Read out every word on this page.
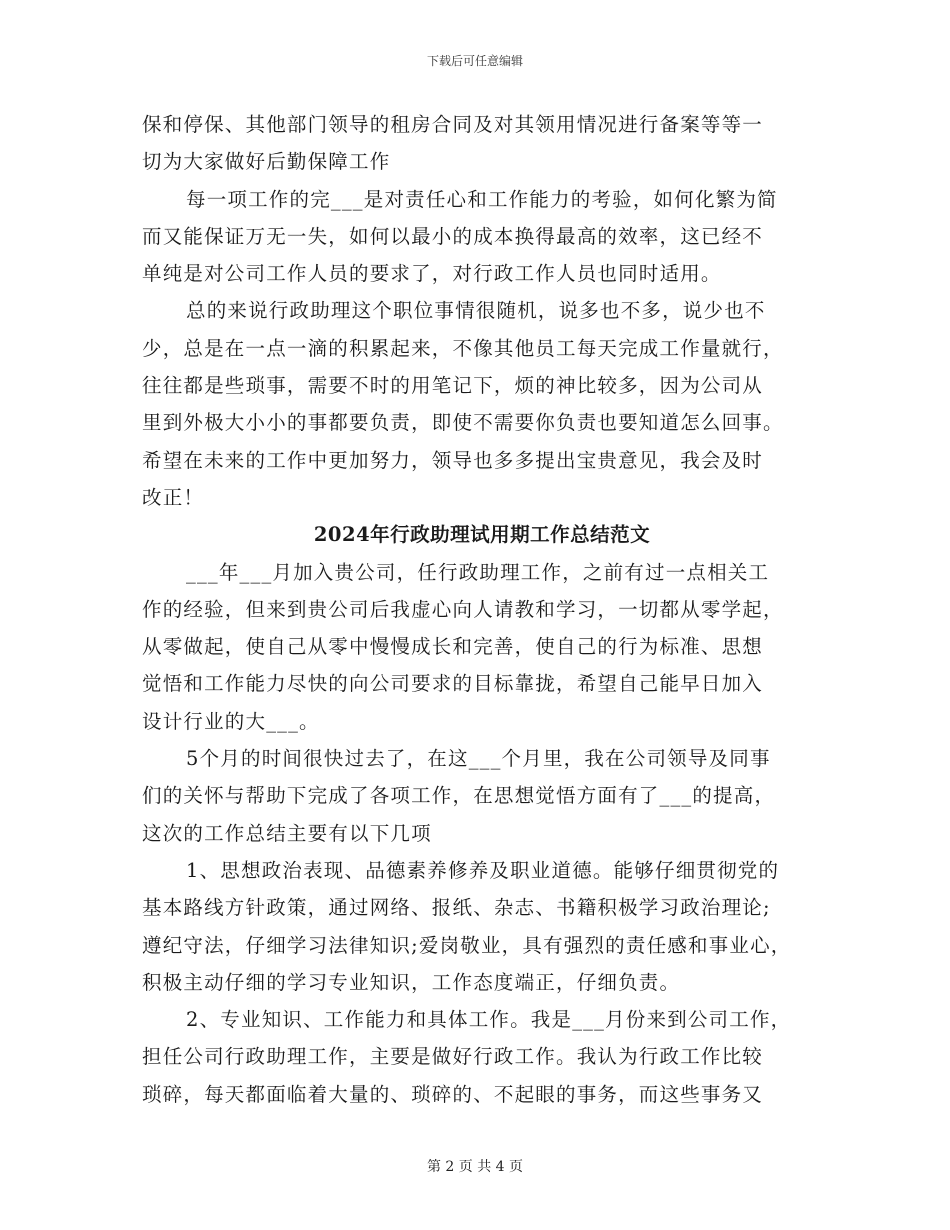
下载后可任意编辑
保和停保、其他部门领导的租房合同及对其领用情况进行备案等等一
切为大家做好后勤保障工作
每一项工作的完___是对责任心和工作能力的考验，如何化繁为简
而又能保证万无一失，如何以最小的成本换得最高的效率，这已经不
单纯是对公司工作人员的要求了，对行政工作人员也同时适用。
总的来说行政助理这个职位事情很随机，说多也不多，说少也不
少，总是在一点一滴的积累起来，不像其他员工每天完成工作量就行，
往往都是些琐事，需要不时的用笔记下，烦的神比较多，因为公司从
里到外极大小小的事都要负责，即使不需要你负责也要知道怎么回事。
希望在未来的工作中更加努力，领导也多多提出宝贵意见，我会及时
改正！
2024年行政助理试用期工作总结范文
___年___月加入贵公司，任行政助理工作，之前有过一点相关工
作的经验，但来到贵公司后我虚心向人请教和学习，一切都从零学起，
从零做起，使自己从零中慢慢成长和完善，使自己的行为标准、思想
觉悟和工作能力尽快的向公司要求的目标靠拢，希望自己能早日加入
设计行业的大___。
5个月的时间很快过去了，在这___个月里，我在公司领导及同事
们的关怀与帮助下完成了各项工作，在思想觉悟方面有了___的提高，
这次的工作总结主要有以下几项
1、思想政治表现、品德素养修养及职业道德。能够仔细贯彻党的
基本路线方针政策，通过网络、报纸、杂志、书籍积极学习政治理论;
遵纪守法，仔细学习法律知识;爱岗敬业，具有强烈的责任感和事业心，
积极主动仔细的学习专业知识，工作态度端正，仔细负责。
2、专业知识、工作能力和具体工作。我是___月份来到公司工作，
担任公司行政助理工作，主要是做好行政工作。我认为行政工作比较
琐碎，每天都面临着大量的、琐碎的、不起眼的事务，而这些事务又
第 2 页 共 4 页
